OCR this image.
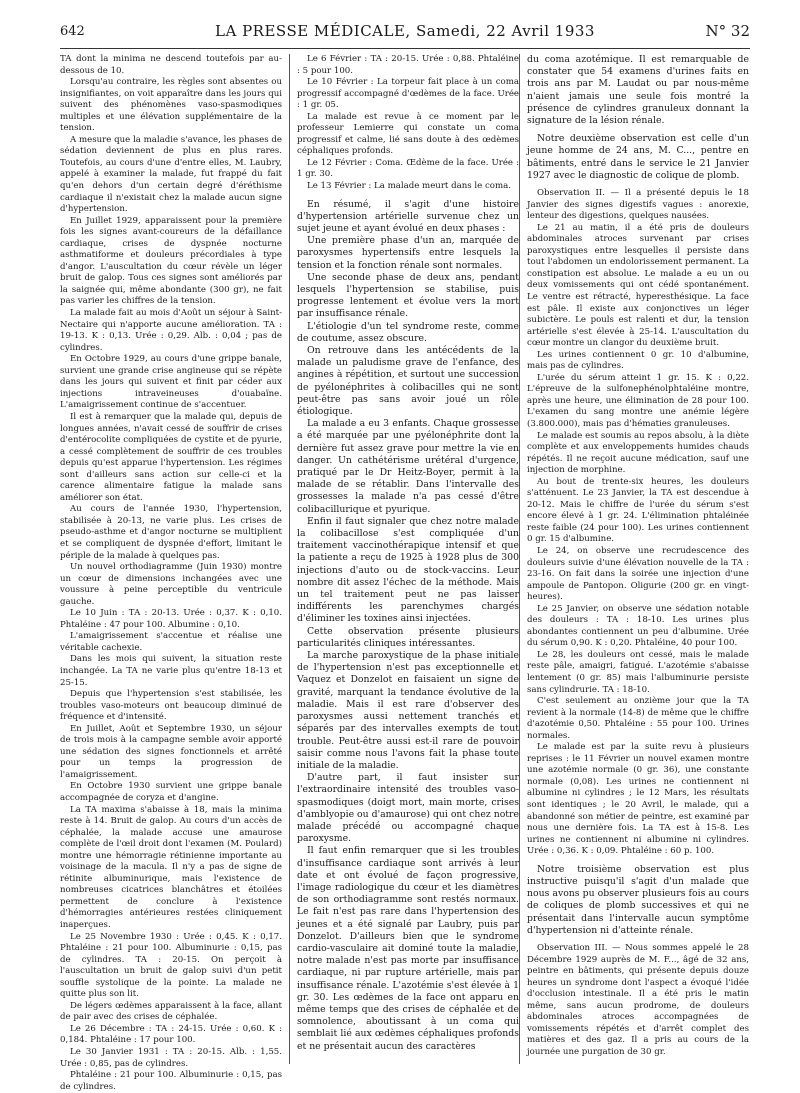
642	LA PRESSE MÉDICALE, Samedi, 22 Avril 1933	N° 32

TA dont la minima ne descend toutefois par au-dessous de 10.

Lorsqu'au contraire, les règles sont absentes ou insignifiantes, on voit apparaître dans les jours qui suivent des phénomènes vaso-spasmodiques multiples et une élévation supplémentaire de la tension.

A mesure que la maladie s'avance, les phases de sédation deviennent de plus en plus rares. Toutefois, au cours d'une d'entre elles, M. Laubry, appelé à examiner la malade, fut frappé du fait qu'en dehors d'un certain degré d'éréthisme cardiaque il n'existait chez la malade aucun signe d'hypertension.

En Juillet 1929, apparaissent pour la première fois les signes avant-coureurs de la défaillance cardiaque, crises de dyspnée nocturne asthmatiforme et douleurs précordiales à type d'angor. L'auscultation du cœur révèle un léger bruit de galop. Tous ces signes sont améliorés par la saignée qui, même abondante (300 gr), ne fait pas varier les chiffres de la tension.

La malade fait au mois d'Août un séjour à Saint-Nectaire qui n'apporte aucune amélioration. TA : 19-13. K : 0,13. Urée : 0,29. Alb. : 0,04 ; pas de cylindres.

En Octobre 1929, au cours d'une grippe banale, survient une grande crise angineuse qui se répète dans les jours qui suivent et finit par céder aux injections intraveineuses d'ouabaïne. L'amaigrissement continue de s'accentuer.

Il est à remarquer que la malade qui, depuis de longues années, n'avait cessé de souffrir de crises d'entérocolite compliquées de cystite et de pyurie, a cessé complètement de souffrir de ces troubles depuis qu'est apparue l'hypertension. Les régimes sont d'ailleurs sans action sur celle-ci et la carence alimentaire fatigue la malade sans améliorer son état.

Au cours de l'année 1930, l'hypertension, stabilisée à 20-13, ne varie plus. Les crises de pseudo-asthme et d'angor nocturne se multiplient et se compliquent de dyspnée d'effort, limitant le périple de la malade à quelques pas.

Un nouvel orthodiagramme (Juin 1930) montre un cœur de dimensions inchangées avec une voussure à peine perceptible du ventricule gauche.

Le 10 Juin : TA : 20-13. Urée : 0,37. K : 0,10. Phtaléine : 47 pour 100. Albumine : 0,10.

L'amaigrissement s'accentue et réalise une véritable cachexie.

Dans les mois qui suivent, la situation reste inchangée. La TA ne varie plus qu'entre 18-13 et 25-15.

Depuis que l'hypertension s'est stabilisée, les troubles vaso-moteurs ont beaucoup diminué de fréquence et d'intensité.

En Juillet, Août et Septembre 1930, un séjour de trois mois à la campagne semble avoir apporté une sédation des signes fonctionnels et arrêté pour un temps la progression de l'amaigrissement.

En Octobre 1930 survient une grippe banale accompagnée de coryza et d'angine.

La TA maxima s'abaisse à 18, mais la minima reste à 14. Bruit de galop. Au cours d'un accès de céphalée, la malade accuse une amaurose complète de l'œil droit dont l'examen (M. Poulard) montre une hémorragie rétinienne importante au voisinage de la macula. Il n'y a pas de signe de rétinite albuminurique, mais l'existence de nombreuses cicatrices blanchâtres et étoilées permettent de conclure à l'existence d'hémorragies antérieures restées cliniquement inaperçues.

Le 25 Novembre 1930 : Urée : 0,45. K : 0,17. Phtaléine : 21 pour 100. Albuminurie : 0,15, pas de cylindres. TA : 20-15. On perçoit à l'auscultation un bruit de galop suivi d'un petit souffle systolique de la pointe. La malade ne quitte plus son lit.

De légers œdèmes apparaissent à la face, allant de pair avec des crises de céphalée.

Le 26 Décembre : TA : 24-15. Urée : 0,60. K : 0,184. Phtaléine : 17 pour 100.

Le 30 Janvier 1931 : TA : 20-15. Alb. : 1,55. Urée : 0,85, pas de cylindres.

Phtaléine : 21 pour 100. Albuminurie : 0,15, pas de cylindres.

Le 6 Février : TA : 20-15. Urée : 0,88. Phtaléine : 5 pour 100.

Le 10 Février : La torpeur fait place à un coma progressif accompagné d'œdèmes de la face. Urée : 1 gr. 05.

La malade est revue à ce moment par le professeur Lemierre qui constate un coma progressif et calme, lié sans doute à des œdèmes céphaliques profonds.

Le 12 Février : Coma. Œdème de la face. Urée : 1 gr. 30.

Le 13 Février : La malade meurt dans le coma.

En résumé, il s'agit d'une histoire d'hypertension artérielle survenue chez un sujet jeune et ayant évolué en deux phases :

Une première phase d'un an, marquée de paroxysmes hypertensifs entre lesquels la tension et la fonction rénale sont normales.

Une seconde phase de deux ans, pendant lesquels l'hypertension se stabilise, puis progresse lentement et évolue vers la mort par insuffisance rénale.

L'étiologie d'un tel syndrome reste, comme de coutume, assez obscure.

On retrouve dans les antécédents de la malade un paludisme grave de l'enfance, des angines à répétition, et surtout une succession de pyélonéphrites à colibacilles qui ne sont peut-être pas sans avoir joué un rôle étiologique.

La malade a eu 3 enfants. Chaque grossesse a été marquée par une pyélonéphrite dont la dernière fut assez grave pour mettre la vie en danger. Un cathétérisme urétéral d'urgence, pratiqué par le Dr Heitz-Boyer, permit à la malade de se rétablir. Dans l'intervalle des grossesses la malade n'a pas cessé d'être colibacillurique et pyurique.

Enfin il faut signaler que chez notre malade la colibacillose s'est compliquée d'un traitement vaccinothérapique intensif et que la patiente a reçu de 1925 à 1928 plus de 300 injections d'auto ou de stock-vaccins. Leur nombre dit assez l'échec de la méthode. Mais un tel traitement peut ne pas laisser indifférents les parenchymes chargés d'éliminer les toxines ainsi injectées.

Cette observation présente plusieurs particularités cliniques intéressantes.

La marche paroxystique de la phase initiale de l'hypertension n'est pas exceptionnelle et Vaquez et Donzelot en faisaient un signe de gravité, marquant la tendance évolutive de la maladie. Mais il est rare d'observer des paroxysmes aussi nettement tranchés et séparés par des intervalles exempts de tout trouble. Peut-être aussi est-il rare de pouvoir saisir comme nous l'avons fait la phase toute initiale de la maladie.

D'autre part, il faut insister sur l'extraordinaire intensité des troubles vaso-spasmodiques (doigt mort, main morte, crises d'amblyopie ou d'amaurose) qui ont chez notre malade précédé ou accompagné chaque paroxysme.

Il faut enfin remarquer que si les troubles d'insuffisance cardiaque sont arrivés à leur date et ont évolué de façon progressive, l'image radiologique du cœur et les diamètres de son orthodiagramme sont restés normaux. Le fait n'est pas rare dans l'hypertension des jeunes et a été signalé par Laubry, puis par Donzelot. D'ailleurs bien que le syndrome cardio-vasculaire ait dominé toute la maladie, notre malade n'est pas morte par insuffisance cardiaque, ni par rupture artérielle, mais par insuffisance rénale. L'azotémie s'est élevée à 1 gr. 30. Les œdèmes de la face ont apparu en même temps que des crises de céphalée et de somnolence, aboutissant à un coma qui semblait lié aux œdèmes céphaliques profonds et ne présentait aucun des caractères

du coma azotémique. Il est remarquable de constater que 54 examens d'urines faits en trois ans par M. Laudat ou par nous-même n'aient jamais une seule fois montré la présence de cylindres granuleux donnant la signature de la lésion rénale.

Notre deuxième observation est celle d'un jeune homme de 24 ans, M. C..., pentre en bâtiments, entré dans le service le 21 Janvier 1927 avec le diagnostic de colique de plomb.

Observation II. — Il a présenté depuis le 18 Janvier des signes digestifs vagues : anorexie, lenteur des digestions, quelques nausées.

Le 21 au matin, il a été pris de douleurs abdominales atroces survenant par crises paroxystiques entre lesquelles il persiste dans tout l'abdomen un endolorissement permanent. La constipation est absolue. Le malade a eu un ou deux vomissements qui ont cédé spontanément. Le ventre est rétracté, hyperesthésique. La face est pâle. Il existe aux conjonctives un léger subictère. Le pouls est ralenti et dur, la tension artérielle s'est élevée à 25-14. L'auscultation du cœur montre un clangor du deuxième bruit.

Les urines contiennent 0 gr. 10 d'albumine, mais pas de cylindres.

L'urée du sérum atteint 1 gr. 15. K : 0,22. L'épreuve de la sulfonephénolphtaléine montre, après une heure, une élimination de 28 pour 100. L'examen du sang montre une anémie légère (3.800.000), mais pas d'hématies granuleuses.

Le malade est soumis au repos absolu, à la diète complète et aux enveloppements humides chauds répétés. Il ne reçoit aucune médication, sauf une injection de morphine.

Au bout de trente-six heures, les douleurs s'atténuent. Le 23 Janvier, la TA est descendue à 20-12. Mais le chiffre de l'urée du sérum s'est encore élevé à 1 gr. 24. L'élimination phtaléinée reste faible (24 pour 100). Les urines contiennent 0 gr. 15 d'albumine.

Le 24, on observe une recrudescence des douleurs suivie d'une élévation nouvelle de la TA : 23-16. On fait dans la soirée une injection d'une ampoule de Pantopon. Oligurie (200 gr. en vingt-heures).

Le 25 Janvier, on observe une sédation notable des douleurs : TA : 18-10. Les urines plus abondantes contiennent un peu d'albumine. Urée du sérum 0,90. K : 0,20. Phtaléine, 40 pour 100.

Le 28, les douleurs ont cessé, mais le malade reste pâle, amaigri, fatigué. L'azotémie s'abaisse lentement (0 gr. 85) mais l'albuminurie persiste sans cylindrurie. TA : 18-10.

C'est seulement au onzième jour que la TA revient à la normale (14-8) de même que le chiffre d'azotémie 0,50. Phtaléine : 55 pour 100. Urines normales.

Le malade est par la suite revu à plusieurs reprises : le 11 Février un nouvel examen montre une azotémie normale (0 gr. 36), une constante normale (0,08). Les urines ne contiennent ni albumine ni cylindres ; le 12 Mars, les résultats sont identiques ; le 20 Avril, le malade, qui a abandonné son métier de peintre, est examiné par nous une dernière fois. La TA est à 15-8. Les urines ne contiennent ni albumine ni cylindres. Urée : 0,36. K : 0,09. Phtaléine : 60 p. 100.

Notre troisième observation est plus instructive puisqu'il s'agit d'un malade que nous avons pu observer plusieurs fois au cours de coliques de plomb successives et qui ne présentait dans l'intervalle aucun symptôme d'hypertension ni d'atteinte rénale.

Observation III. — Nous sommes appelé le 28 Décembre 1929 auprès de M. F..., âgé de 32 ans, peintre en bâtiments, qui présente depuis douze heures un syndrome dont l'aspect a évoqué l'idée d'occlusion intestinale. Il a été pris le matin même, sans aucun prodrome, de douleurs abdominales atroces accompagnées de vomissements répétés et d'arrêt complet des matières et des gaz. Il a pris au cours de la journée une purgation de 30 gr.
